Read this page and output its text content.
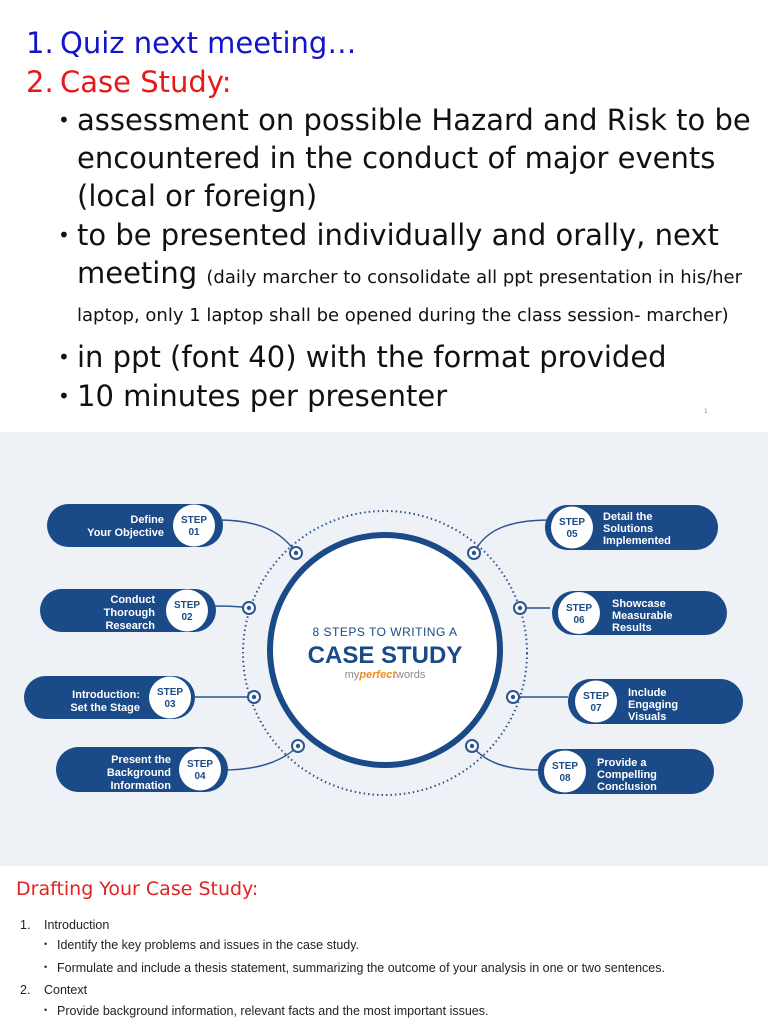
1. Quiz next meeting…
2. Case Study:
• assessment on possible Hazard and Risk to be encountered in the conduct of major events (local or foreign)
• to be presented individually and orally, next meeting (daily marcher to consolidate all ppt presentation in his/her laptop, only 1 laptop shall be opened during the class session- marcher)
• in ppt (font 40) with the format provided
• 10 minutes per presenter	1
8 STEPS TO WRITING A
CASE STUDY
myperfectwords
STEP
01
Define
Your Objective
STEP
02
Conduct
Thorough
Research
STEP
03
Introduction:
Set the Stage
STEP
04
Present the
Background
Information
STEP
05
Detail the
Solutions
Implemented
STEP
06
Showcase
Measurable
Results
STEP
07
Include
Engaging
Visuals
STEP
08
Provide a
Compelling
Conclusion
Drafting Your Case Study:
1. Introduction
• Identify the key problems and issues in the case study.
• Formulate and include a thesis statement, summarizing the outcome of your analysis in one or two sentences.
2. Context
• Provide background information, relevant facts and the most important issues.
